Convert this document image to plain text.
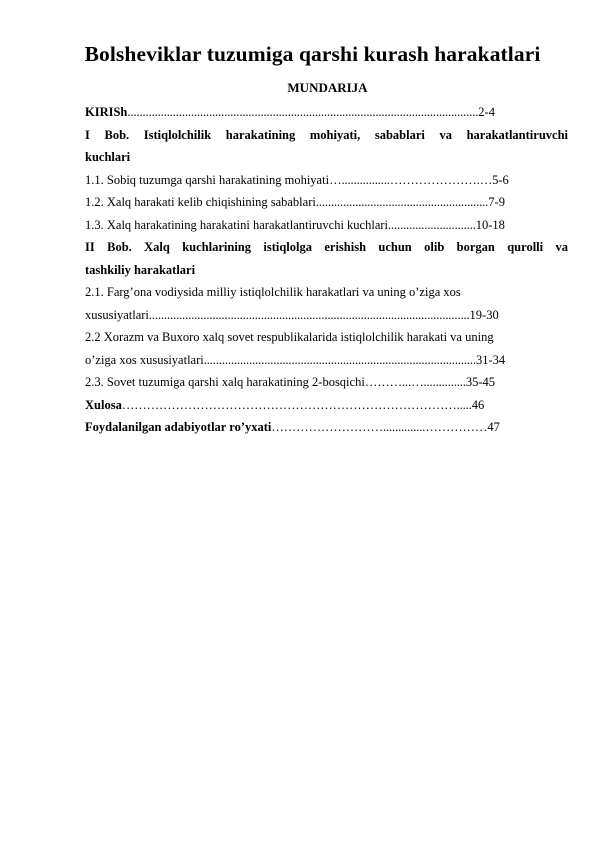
Bolsheviklar tuzumiga qarshi kurash harakatlari
MUNDARIJA
KIRISh....................................................................................................................2-4
I Bob. Istiqlolchilik harakatining mohiyati, sabablari va harakatlantiruvchi
kuchlari
1.1. Sobiq tuzumga qarshi harakatining mohiyati…................………………….…5-6
1.2. Xalq harakati kelib chiqishining sabablari.........................................................7-9
1.3. Xalq harakatining harakatini harakatlantiruvchi kuchlari.............................10-18
II Bob. Xalq kuchlarining istiqlolga erishish uchun olib borgan qurolli va
tashkiliy harakatlari
2.1. Farg’ona vodiysida milliy istiqlolchilik harakatlari va uning o’ziga xos
xususiyatlari..........................................................................................................19-30
2.2 Xorazm va Buxoro xalq sovet respublikalarida istiqlolchilik harakati va uning
o’ziga xos xususiyatlari..........................................................................................31-34
2.3. Sovet tuzumiga qarshi xalq harakatining 2-bosqichi………...…..............35-45
Xulosa……………………………………………………………………….....46
Foydalanilgan adabiyotlar ro’yxati………………………..............……………47
